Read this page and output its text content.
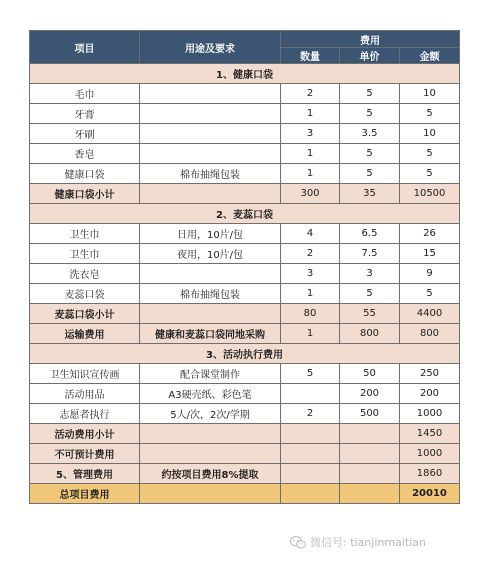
项目	用途及要求	费用		
		数量	单价	金额
1、健康口袋				
毛巾		2	5	10
牙膏		1	5	5
牙刷		3	3.5	10
香皂		1	5	5
健康口袋	棉布抽绳包装	1	5	5
健康口袋小计		300	35	10500
2、麦蕊口袋				
卫生巾	日用，10片/包	4	6.5	26
卫生巾	夜用，10片/包	2	7.5	15
洗衣皂		3	3	9
麦蕊口袋	棉布抽绳包装	1	5	5
麦蕊口袋小计		80	55	4400
运输费用	健康和麦蕊口袋同地采购	1	800	800
3、活动执行费用				
卫生知识宣传画	配合课堂制作	5	50	250
活动用品	A3硬壳纸、彩色笔		200	200
志愿者执行	5人/次，2次/学期	2	500	1000
活动费用小计				1450
不可预计费用				1000
5、管理费用	约按项目费用8%提取			1860
总项目费用				20010
微信号: tianjinmaitian
